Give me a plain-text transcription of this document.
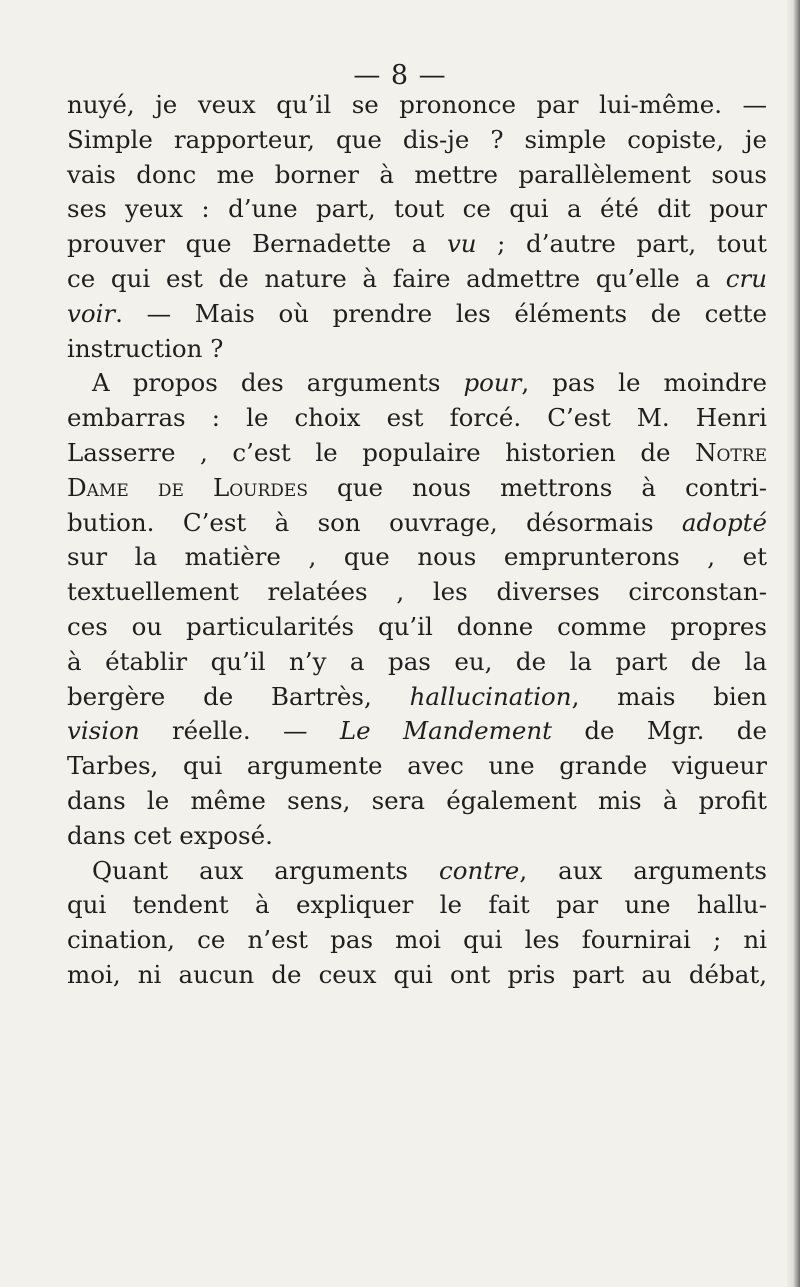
— 8 —
nuyé, je veux qu’il se prononce par lui-même. —
Simple rapporteur, que dis-je ? simple copiste, je
vais donc me borner à mettre parallèlement sous
ses yeux : d’une part, tout ce qui a été dit pour
prouver que Bernadette a vu ; d’autre part, tout
ce qui est de nature à faire admettre qu’elle a cru
voir. — Mais où prendre les éléments de cette
instruction ?
A propos des arguments pour, pas le moindre
embarras : le choix est forcé. C’est M. Henri
Lasserre , c’est le populaire historien de Notre
Dame de Lourdes que nous mettrons à contri-
bution. C’est à son ouvrage, désormais adopté
sur la matière , que nous emprunterons , et
textuellement relatées , les diverses circonstan-
ces ou particularités qu’il donne comme propres
à établir qu’il n’y a pas eu, de la part de la
bergère de Bartrès, hallucination, mais bien
vision réelle. — Le Mandement de Mgr. de
Tarbes, qui argumente avec une grande vigueur
dans le même sens, sera également mis à profit
dans cet exposé.
Quant aux arguments contre, aux arguments
qui tendent à expliquer le fait par une hallu-
cination, ce n’est pas moi qui les fournirai ; ni
moi, ni aucun de ceux qui ont pris part au débat,
